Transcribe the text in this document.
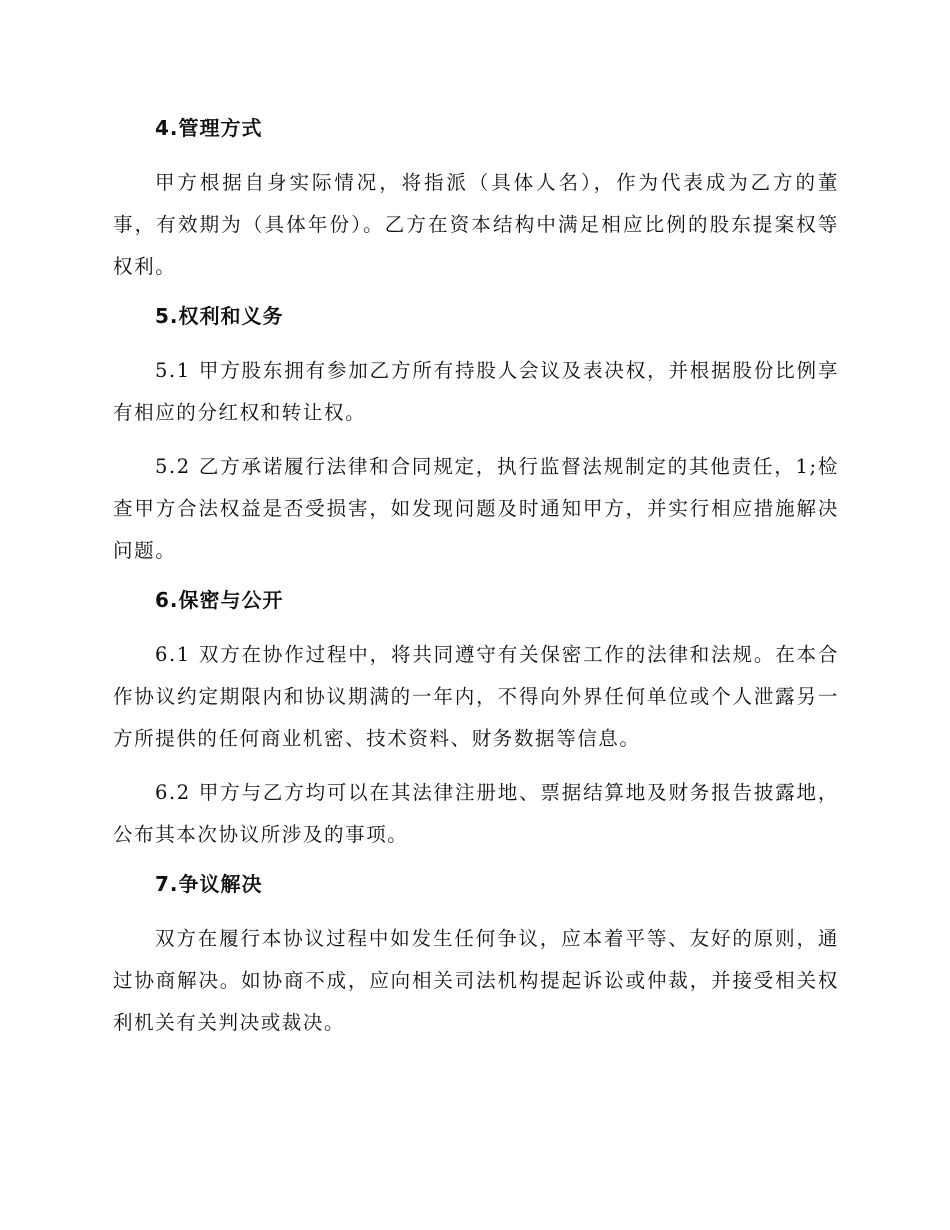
4.管理方式

甲方根据自身实际情况，将指派（具体人名），作为代表成为乙方的董事，有效期为（具体年份）。乙方在资本结构中满足相应比例的股东提案权等权利。

5.权利和义务

5.1 甲方股东拥有参加乙方所有持股人会议及表决权，并根据股份比例享有相应的分红权和转让权。

5.2 乙方承诺履行法律和合同规定，执行监督法规制定的其他责任，1;检查甲方合法权益是否受损害，如发现问题及时通知甲方，并实行相应措施解决问题。

6.保密与公开

6.1 双方在协作过程中，将共同遵守有关保密工作的法律和法规。在本合作协议约定期限内和协议期满的一年内，不得向外界任何单位或个人泄露另一方所提供的任何商业机密、技术资料、财务数据等信息。

6.2 甲方与乙方均可以在其法律注册地、票据结算地及财务报告披露地，公布其本次协议所涉及的事项。

7.争议解决

双方在履行本协议过程中如发生任何争议，应本着平等、友好的原则，通过协商解决。如协商不成，应向相关司法机构提起诉讼或仲裁，并接受相关权利机关有关判决或裁决。
